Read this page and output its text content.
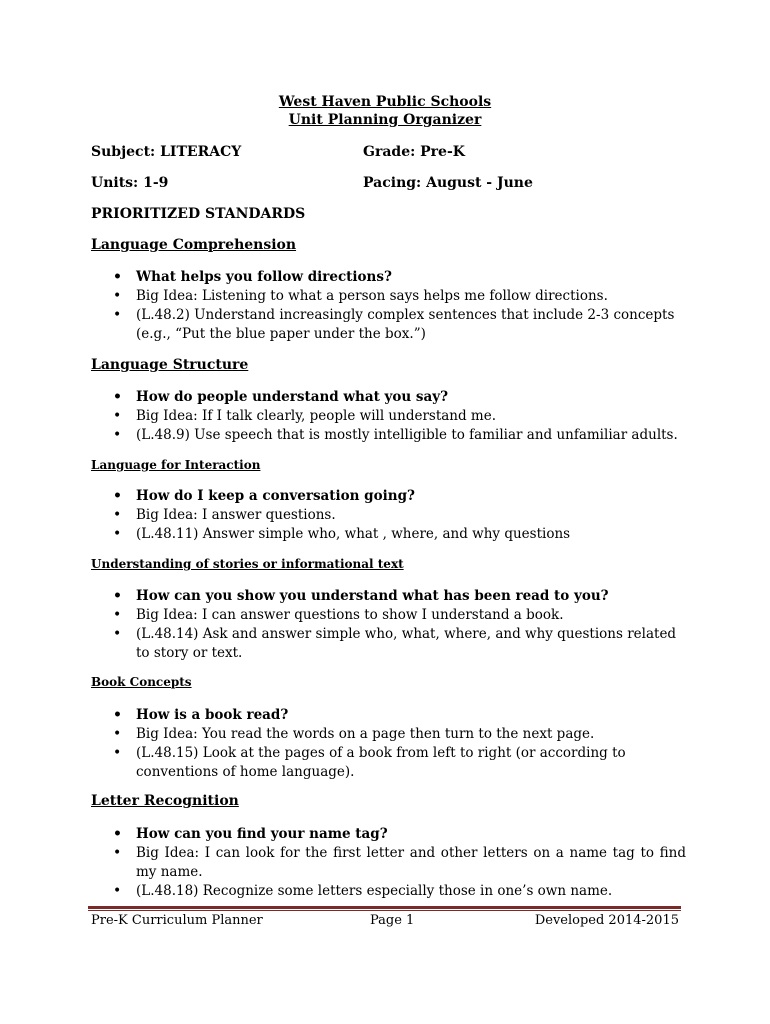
West Haven Public Schools
Unit Planning Organizer
Subject: LITERACY	Grade: Pre-K
Units: 1-9	Pacing: August - June
PRIORITIZED STANDARDS
Language Comprehension
• What helps you follow directions?
• Big Idea: Listening to what a person says helps me follow directions.
• (L.48.2) Understand increasingly complex sentences that include 2-3 concepts (e.g., “Put the blue paper under the box.”)
Language Structure
• How do people understand what you say?
• Big Idea: If I talk clearly, people will understand me.
• (L.48.9) Use speech that is mostly intelligible to familiar and unfamiliar adults.
Language for Interaction
• How do I keep a conversation going?
• Big Idea: I answer questions.
• (L.48.11) Answer simple who, what , where, and why questions
Understanding of stories or informational text
• How can you show you understand what has been read to you?
• Big Idea: I can answer questions to show I understand a book.
• (L.48.14) Ask and answer simple who, what, where, and why questions related to story or text.
Book Concepts
• How is a book read?
• Big Idea: You read the words on a page then turn to the next page.
• (L.48.15) Look at the pages of a book from left to right (or according to conventions of home language).
Letter Recognition
• How can you find your name tag?
• Big Idea: I can look for the first letter and other letters on a name tag to find my name.
• (L.48.18) Recognize some letters especially those in one’s own name.
Pre-K Curriculum Planner	Page 1	Developed 2014-2015
